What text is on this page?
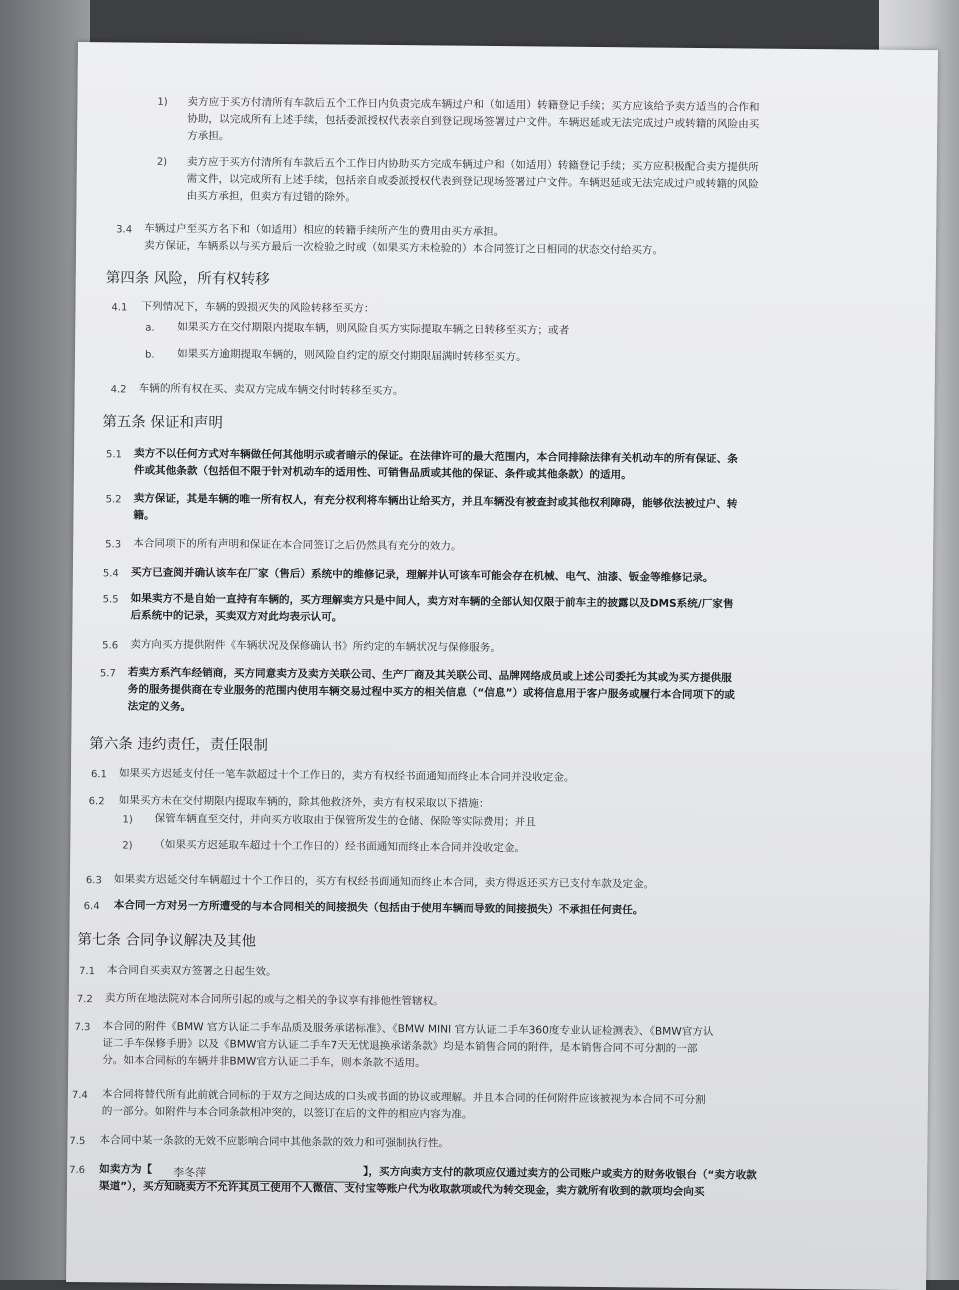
1) 卖方应于买方付清所有车款后五个工作日内负责完成车辆过户和（如适用）转籍登记手续；买方应该给予卖方适当的合作和
协助，以完成所有上述手续，包括委派授权代表亲自到登记现场签署过户文件。车辆迟延或无法完成过户或转籍的风险由买
方承担。
2) 卖方应于买方付清所有车款后五个工作日内协助买方完成车辆过户和（如适用）转籍登记手续；买方应积极配合卖方提供所
需文件，以完成所有上述手续，包括亲自或委派授权代表到登记现场签署过户文件。车辆迟延或无法完成过户或转籍的风险
由买方承担，但卖方有过错的除外。
3.4 车辆过户至买方名下和（如适用）相应的转籍手续所产生的费用由买方承担。
卖方保证，车辆系以与买方最后一次检验之时或（如果买方未检验的）本合同签订之日相同的状态交付给买方。
第四条 风险，所有权转移
4.1 下列情况下，车辆的毁损灭失的风险转移至买方：
a. 如果买方在交付期限内提取车辆，则风险自买方实际提取车辆之日转移至买方；或者
b. 如果买方逾期提取车辆的，则风险自约定的原交付期限届满时转移至买方。
4.2 车辆的所有权在买、卖双方完成车辆交付时转移至买方。
第五条 保证和声明
5.1 卖方不以任何方式对车辆做任何其他明示或者暗示的保证。在法律许可的最大范围内，本合同排除法律有关机动车的所有保证、条
件或其他条款（包括但不限于针对机动车的适用性、可销售品质或其他的保证、条件或其他条款）的适用。
5.2 卖方保证，其是车辆的唯一所有权人，有充分权利将车辆出让给买方，并且车辆没有被查封或其他权利障碍，能够依法被过户、转
籍。
5.3 本合同项下的所有声明和保证在本合同签订之后仍然具有充分的效力。
5.4 买方已查阅并确认该车在厂家（售后）系统中的维修记录，理解并认可该车可能会存在机械、电气、油漆、钣金等维修记录。
5.5 如果卖方不是自始一直持有车辆的，买方理解卖方只是中间人，卖方对车辆的全部认知仅限于前车主的披露以及DMS系统/厂家售
后系统中的记录，买卖双方对此均表示认可。
5.6 卖方向买方提供附件《车辆状况及保修确认书》所约定的车辆状况与保修服务。
5.7 若卖方系汽车经销商，买方同意卖方及卖方关联公司、生产厂商及其关联公司、品牌网络成员或上述公司委托为其或为买方提供服
务的服务提供商在专业服务的范围内使用车辆交易过程中买方的相关信息（“信息”）或将信息用于客户服务或履行本合同项下的或
法定的义务。
第六条 违约责任，责任限制
6.1 如果买方迟延支付任一笔车款超过十个工作日的，卖方有权经书面通知而终止本合同并没收定金。
6.2 如果买方未在交付期限内提取车辆的，除其他救济外，卖方有权采取以下措施：
1) 保管车辆直至交付，并向买方收取由于保管所发生的仓储、保险等实际费用；并且
2) （如果买方迟延取车超过十个工作日的）经书面通知而终止本合同并没收定金。
6.3 如果卖方迟延交付车辆超过十个工作日的，买方有权经书面通知而终止本合同，卖方得返还买方已支付车款及定金。
6.4 本合同一方对另一方所遭受的与本合同相关的间接损失（包括由于使用车辆而导致的间接损失）不承担任何责任。
第七条 合同争议解决及其他
7.1 本合同自买卖双方签署之日起生效。
7.2 卖方所在地法院对本合同所引起的或与之相关的争议享有排他性管辖权。
7.3 本合同的附件《BMW 官方认证二手车品质及服务承诺标准》、《BMW MINI 官方认证二手车360度专业认证检测表》、《BMW官方认
证二手车保修手册》以及《BMW官方认证二手车7天无忧退换承诺条款》均是本销售合同的附件，是本销售合同不可分割的一部
分。如本合同标的车辆并非BMW官方认证二手车，则本条款不适用。
7.4 本合同将替代所有此前就合同标的于双方之间达成的口头或书面的协议或理解。并且本合同的任何附件应该被视为本合同不可分割
的一部分。如附件与本合同条款相冲突的，以签订在后的文件的相应内容为准。
7.5 本合同中某一条款的无效不应影响合同中其他条款的效力和可强制执行性。
7.6 如卖方为【 李冬萍	】，买方向卖方支付的款项应仅通过卖方的公司账户或卖方的财务收银台（“卖方收款
渠道”），买方知晓卖方不允许其员工使用个人微信、支付宝等账户代为收取款项或代为转交现金，卖方就所有收到的款项均会向买
